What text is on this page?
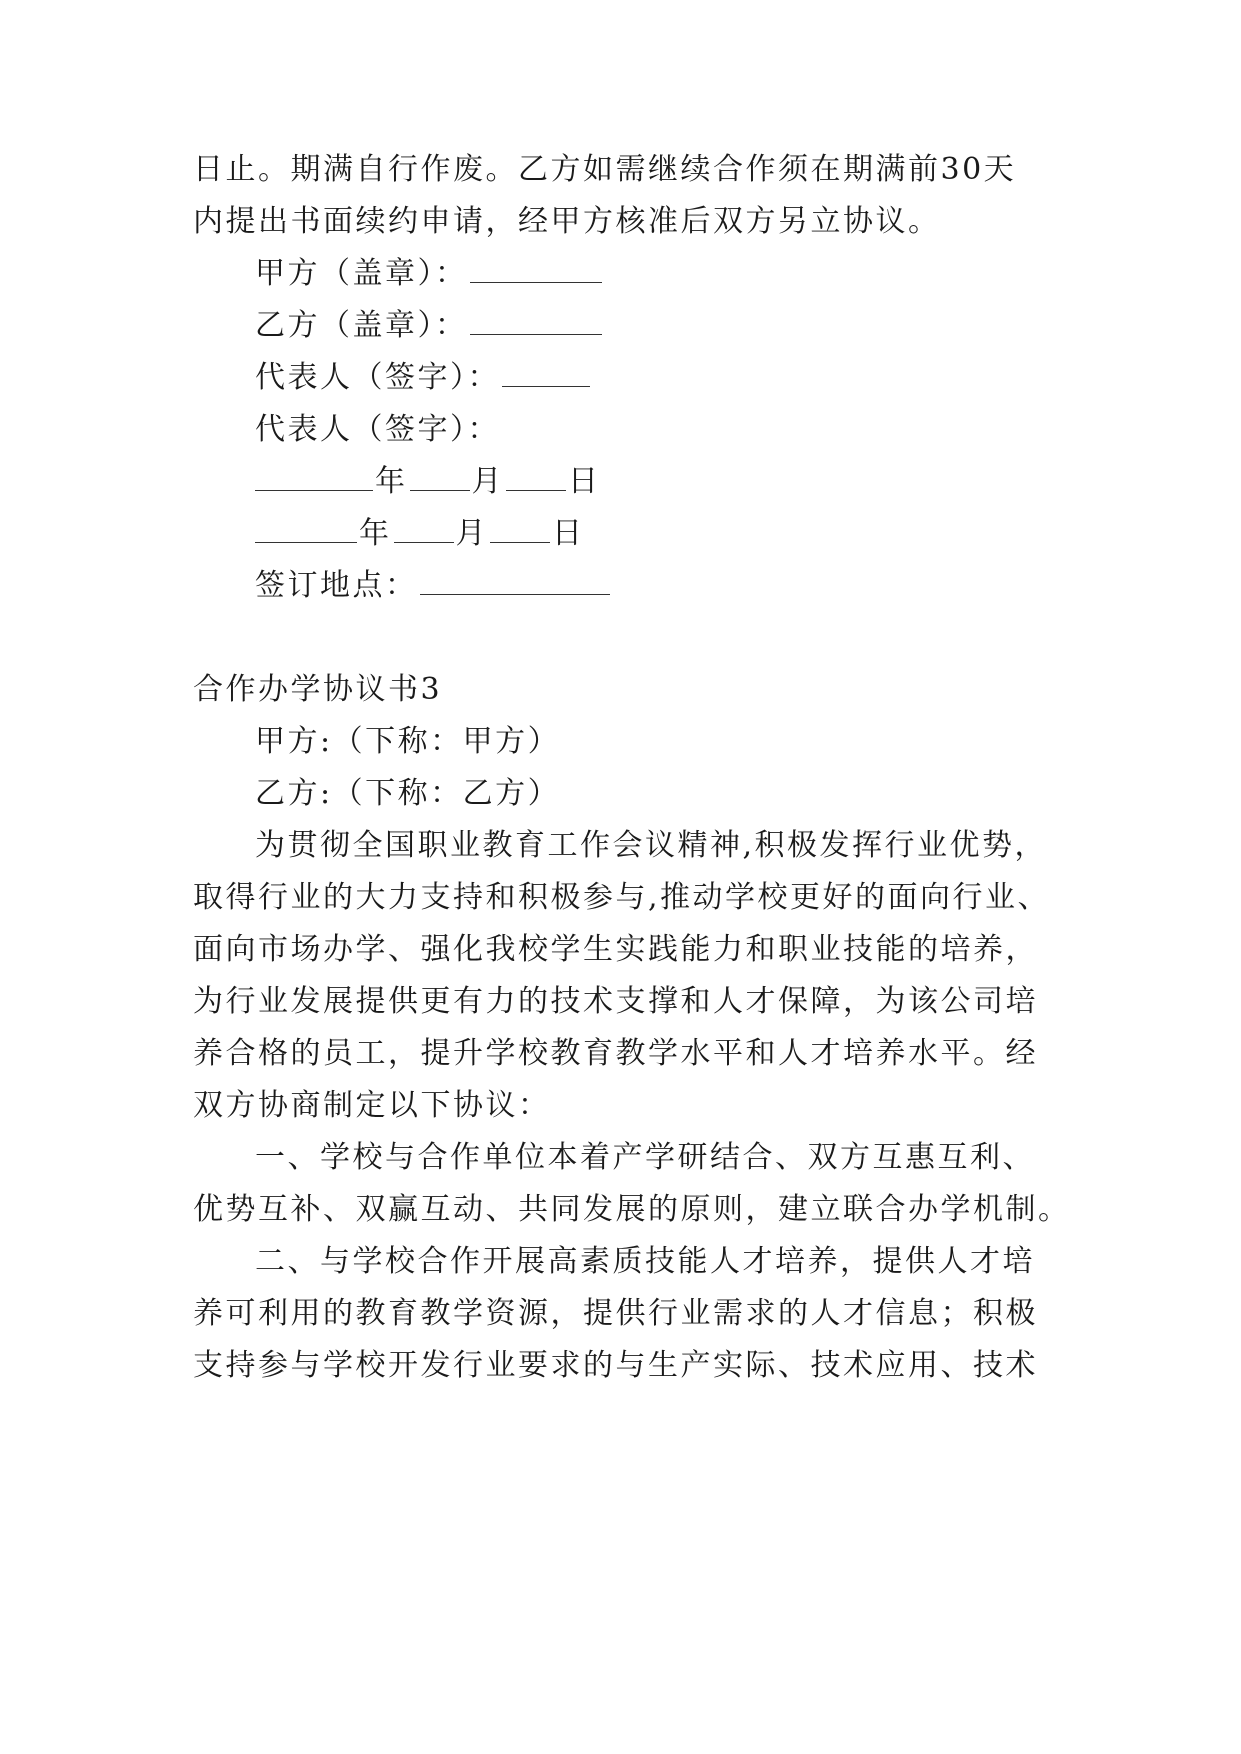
日止。期满自行作废。乙方如需继续合作须在期满前30天
内提出书面续约申请，经甲方核准后双方另立协议。
甲方（盖章）：
乙方（盖章）：
代表人（签字）：
代表人（签字）：
年 月 日
年 月 日
签订地点：
合作办学协议书3
甲方:（下称：甲方）
乙方:（下称：乙方）
为贯彻全国职业教育工作会议精神,积极发挥行业优势，
取得行业的大力支持和积极参与,推动学校更好的面向行业、
面向市场办学、强化我校学生实践能力和职业技能的培养，
为行业发展提供更有力的技术支撑和人才保障，为该公司培
养合格的员工，提升学校教育教学水平和人才培养水平。经
双方协商制定以下协议：
一、学校与合作单位本着产学研结合、双方互惠互利、
优势互补、双赢互动、共同发展的原则，建立联合办学机制。
二、与学校合作开展高素质技能人才培养，提供人才培
养可利用的教育教学资源，提供行业需求的人才信息；积极
支持参与学校开发行业要求的与生产实际、技术应用、技术
